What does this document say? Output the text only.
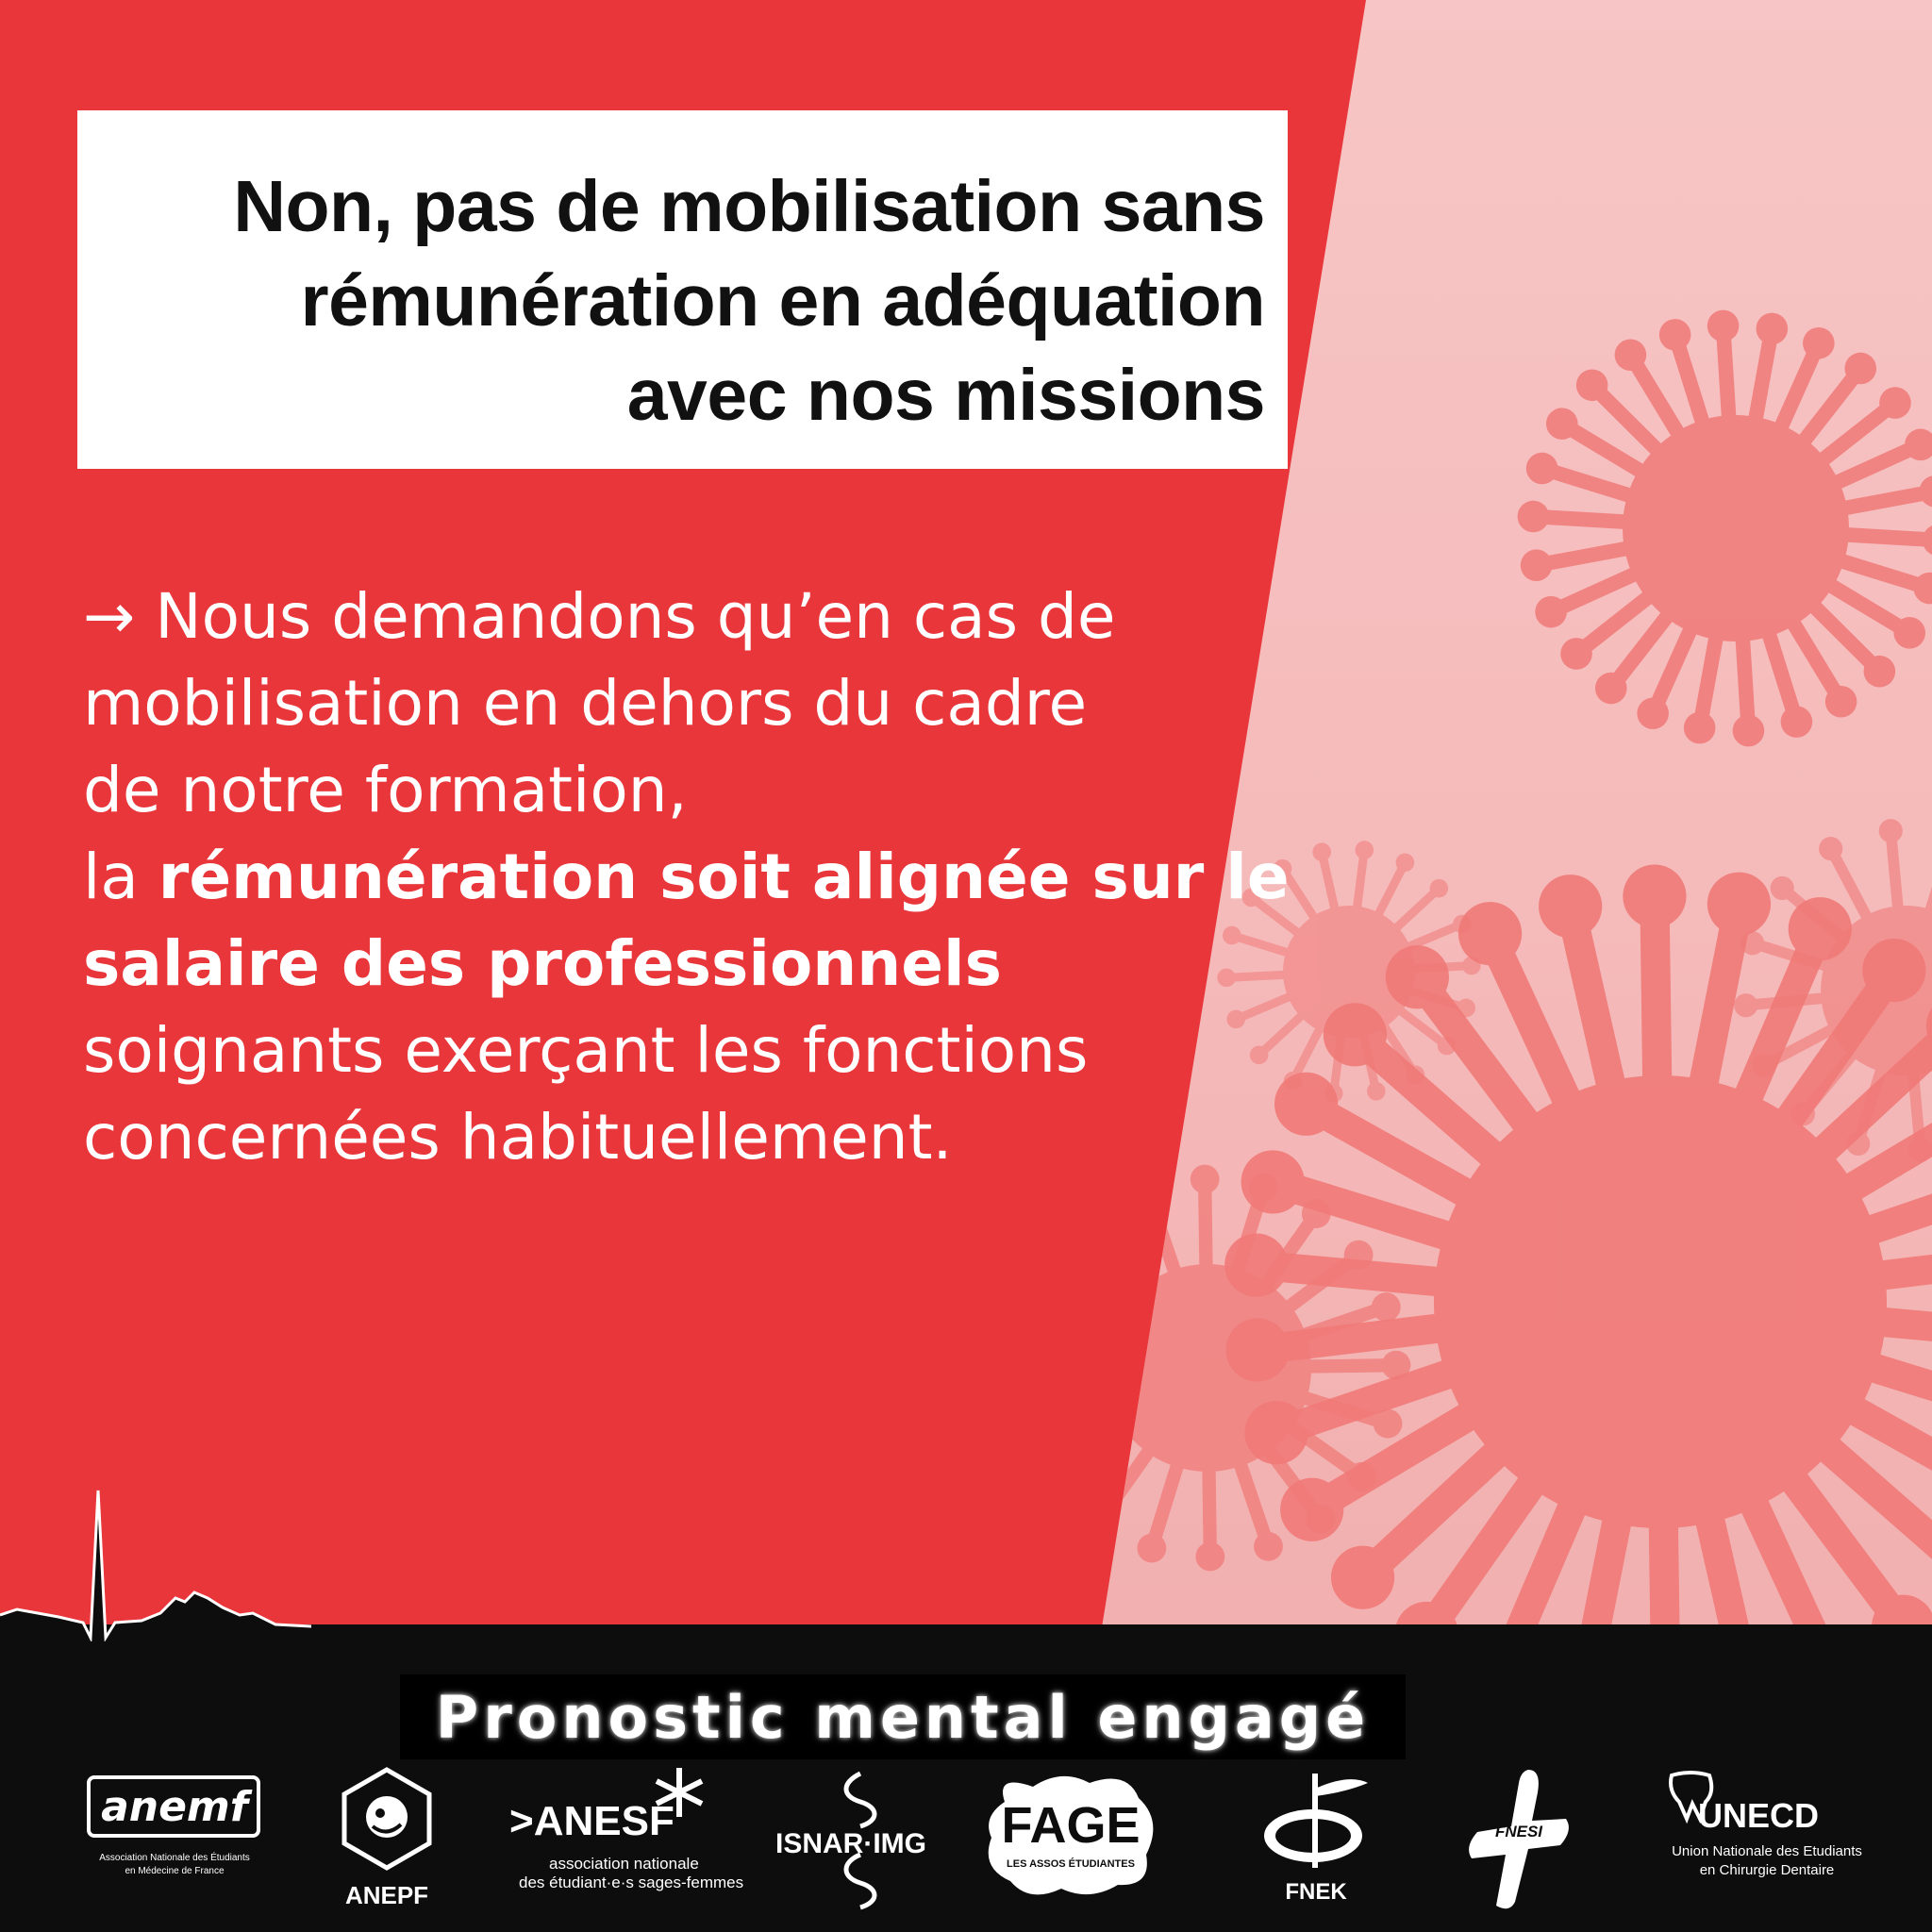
Non, pas de mobilisation sans
rémunération en adéquation
avec nos missions
→ Nous demandons qu’en cas de
mobilisation en dehors du cadre
de notre formation,
la rémunération soit alignée sur le
salaire des professionnels
soignants exerçant les fonctions
concernées habituellement.
Pronostic mental engagé
anemf
Association Nationale des Étudiants
en Médecine de France
ANEPF
>ANESF
association nationale
des étudiant·e·s sages-femmes
ISNAR·IMG	FAGE
LES ASSOS ÉTUDIANTES
FNEK
FNESI	UNECD
Union Nationale des Etudiants
en Chirurgie Dentaire
